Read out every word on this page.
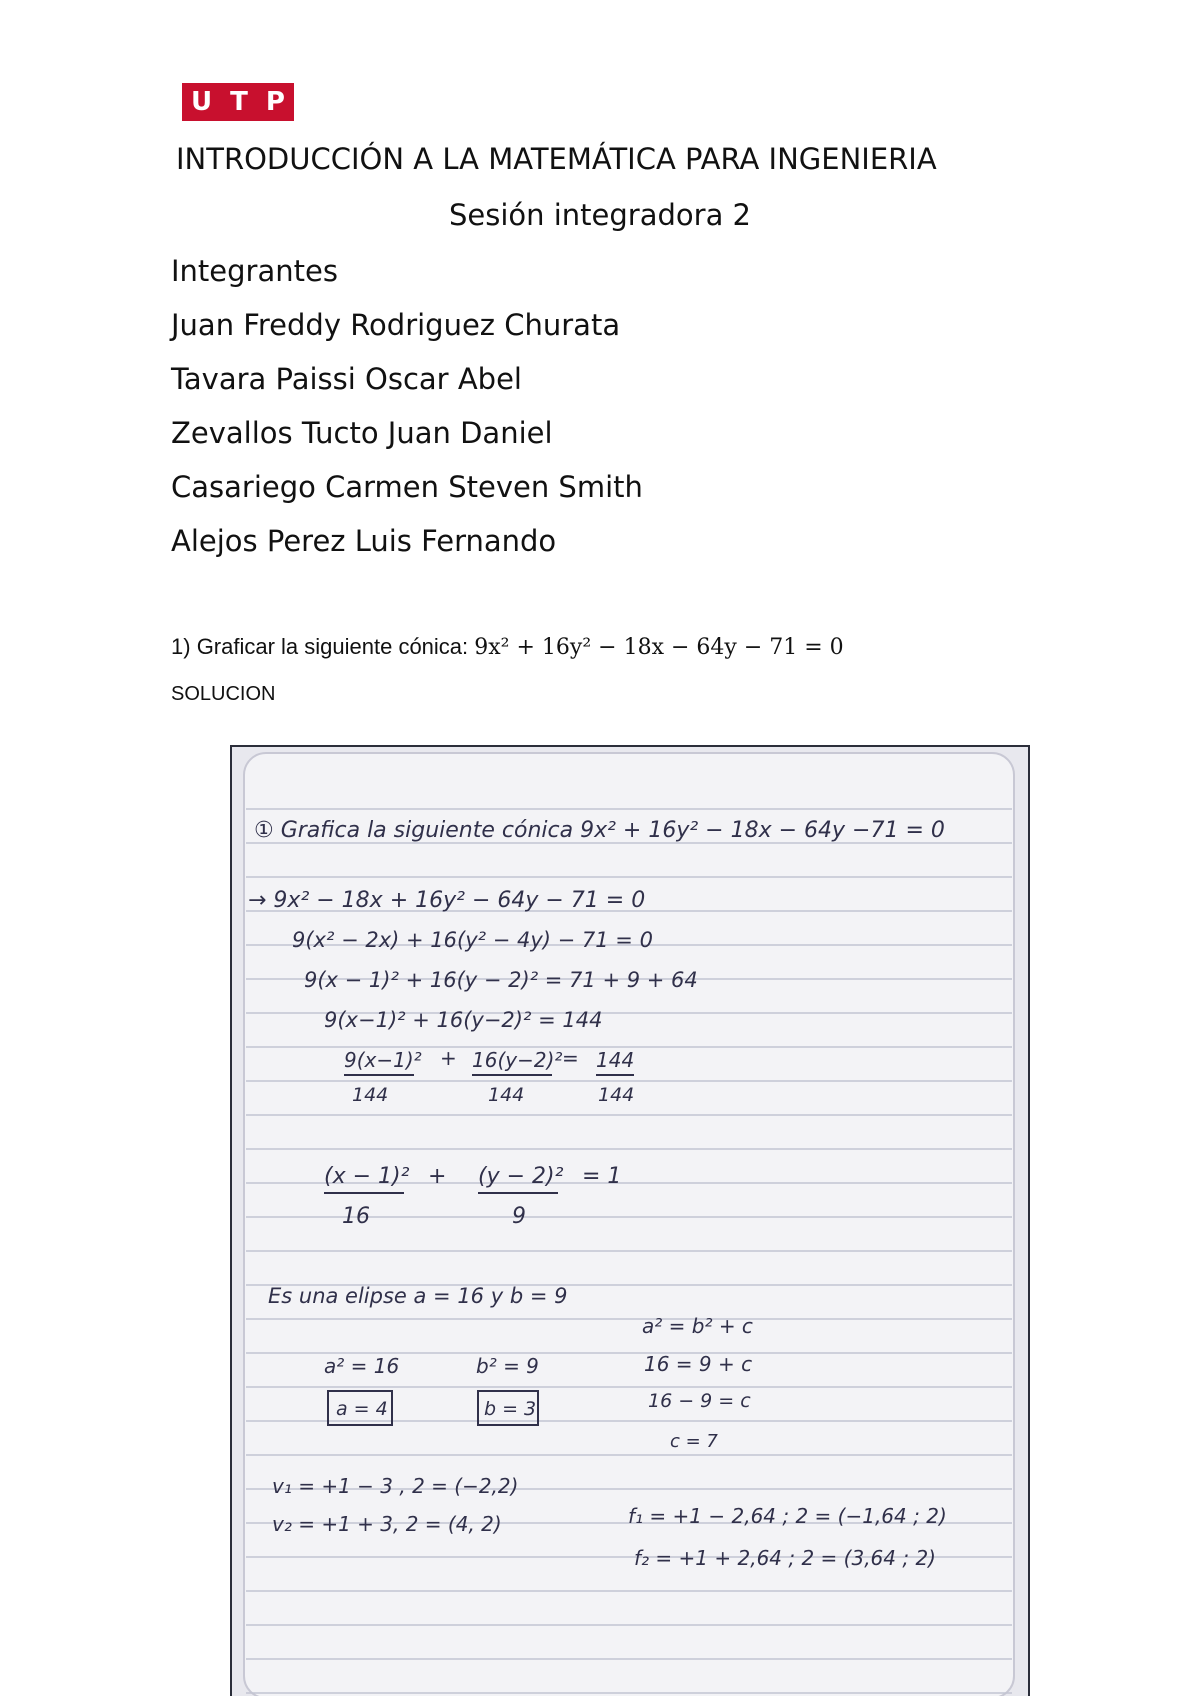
U T P
INTRODUCCIÓN A LA MATEMÁTICA PARA INGENIERIA
Sesión integradora 2
Integrantes
Juan Freddy Rodriguez Churata
Tavara Paissi Oscar Abel
Zevallos Tucto Juan Daniel
Casariego Carmen Steven Smith
Alejos Perez Luis Fernando
1) Graficar la siguiente cónica: 9x² + 16y² − 18x − 64y − 71 = 0
SOLUCION
① Grafica la siguiente cónica 9x² + 16y² − 18x − 64y −71 = 0
→ 9x² − 18x + 16y² − 64y − 71 = 0
9(x² − 2x) + 16(y² − 4y) − 71 = 0
9(x − 1)² + 16(y − 2)² = 71 + 9 + 64
9(x−1)² + 16(y−2)² = 144
9(x−1)²
144
+ 16(y−2)²
144
= 144
144
(x − 1)²
16
+ (y − 2)²
9
= 1
Es una elipse a = 16 y b = 9
a² = 16
a = 4
b² = 9
b = 3
a² = b² + c
16 = 9 + c
16 − 9 = c
c = 7
v₁ = +1 − 3 , 2 = (−2,2)
v₂ = +1 + 3, 2 = (4, 2)	f₁ = +1 − 2,64 ; 2 = (−1,64 ; 2)
f₂ = +1 + 2,64 ; 2 = (3,64 ; 2)
